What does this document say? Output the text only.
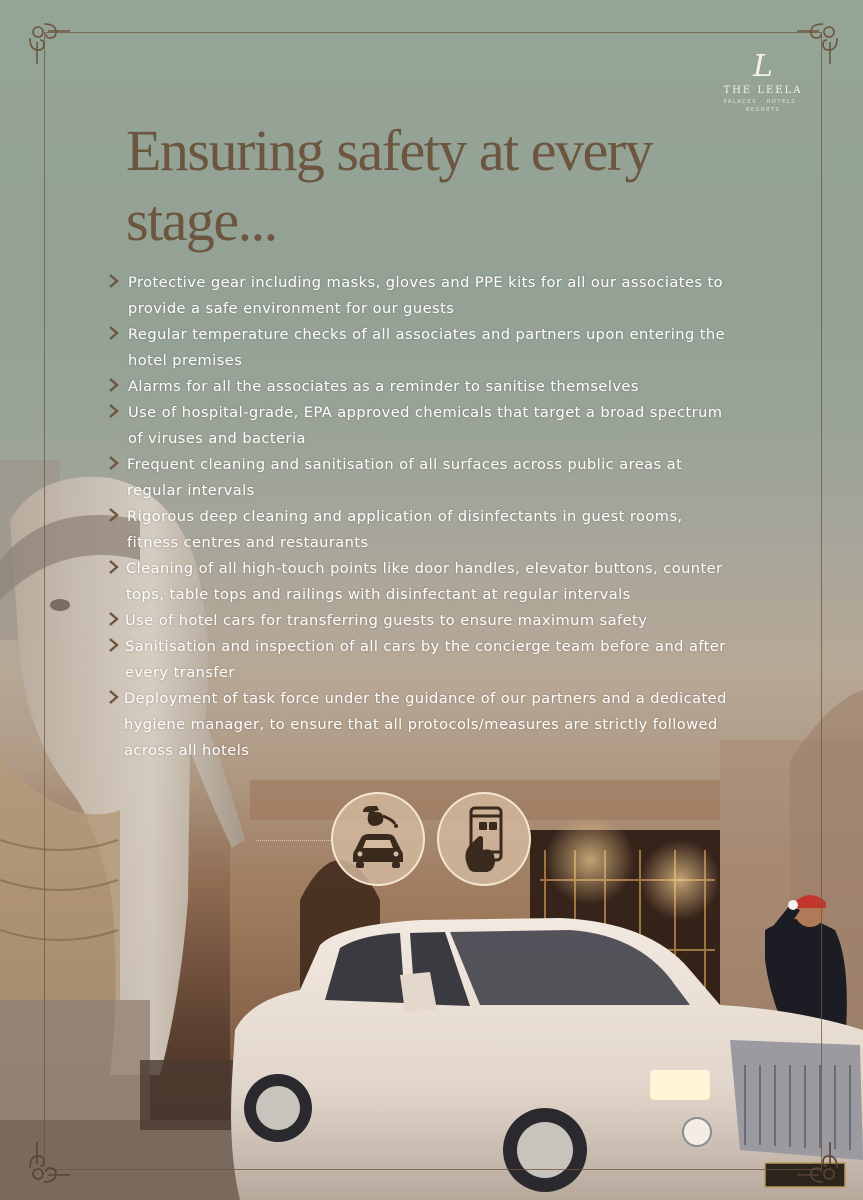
L
THE LEELA
PALACES · HOTELS · RESORTS
Ensuring safety at every stage...
Protective gear including masks, gloves and PPE kits for all our associates to provide a safe environment for our guests
Regular temperature checks of all associates and partners upon entering the hotel premises
Alarms for all the associates as a reminder to sanitise themselves
Use of hospital-grade, EPA approved chemicals that target a broad spectrum of viruses and bacteria
Frequent cleaning and sanitisation of all surfaces across public areas at regular intervals
Rigorous deep cleaning and application of disinfectants in guest rooms, fitness centres and restaurants
Cleaning of all high-touch points like door handles, elevator buttons, counter tops, table tops and railings with disinfectant at regular intervals
Use of hotel cars for transferring guests to ensure maximum safety
Sanitisation and inspection of all cars by the concierge team before and after every transfer
Deployment of task force under the guidance of our partners and a dedicated hygiene manager, to ensure that all protocols/measures are strictly followed across all hotels
